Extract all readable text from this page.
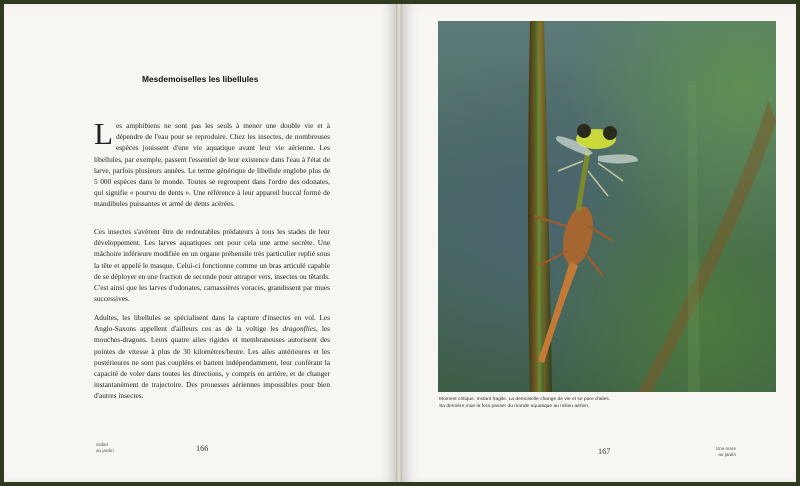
Mesdemoiselles les libellules

Les amphibiens ne sont pas les seuls à mener une double vie et à dépendre de l'eau pour se reproduire. Chez les insectes, de nombreuses espèces jouissent d'une vie aquatique avant leur vie aérienne. Les libellules, par exemple, passent l'essentiel de leur existence dans l'eau à l'état de larve, parfois plusieurs années. Le terme générique de libellule englobe plus de 5 000 espèces dans le monde. Toutes se regroupent dans l'ordre des odonates, qui signifie « pourvu de dents ». Une référence à leur appareil buccal formé de mandibules puissantes et armé de dents acérées.

Ces insectes s'avèrent être de redoutables prédateurs à tous les stades de leur développement. Les larves aquatiques ont pour cela une arme secrète. Une mâchoire inférieure modifiée en un organe préhensile très particulier replié sous la tête et appelé le masque. Celui-ci fonctionne comme un bras articulé capable de se déployer en une fraction de seconde pour attraper vers, insectes ou têtards. C'est ainsi que les larves d'odonates, carnassières voraces, grandissent par mues successives.

Adultes, les libellules se spécialisent dans la capture d'insectes en vol. Les Anglo-Saxons appellent d'ailleurs ces as de la voltige les dragonflies, les mouches-dragons. Leurs quatre ailes rigides et membraneuses autorisent des pointes de vitesse à plus de 30 kilomètres/heure. Les ailes antérieures et les postérieures ne sont pas couplées et battent indépendamment, leur conférant la capacité de voler dans toutes les directions, y compris en arrière, et de changer instantanément de trajectoire. Des prouesses aériennes impossibles pour bien d'autres insectes.

Safari
au jardin	166

Moment critique. Instant fragile. La demoiselle change de vie et se pare d'ailes.

Sa dernière mue la fera passer du monde aquatique au milieu aérien.

167	Une mare
au jardin
